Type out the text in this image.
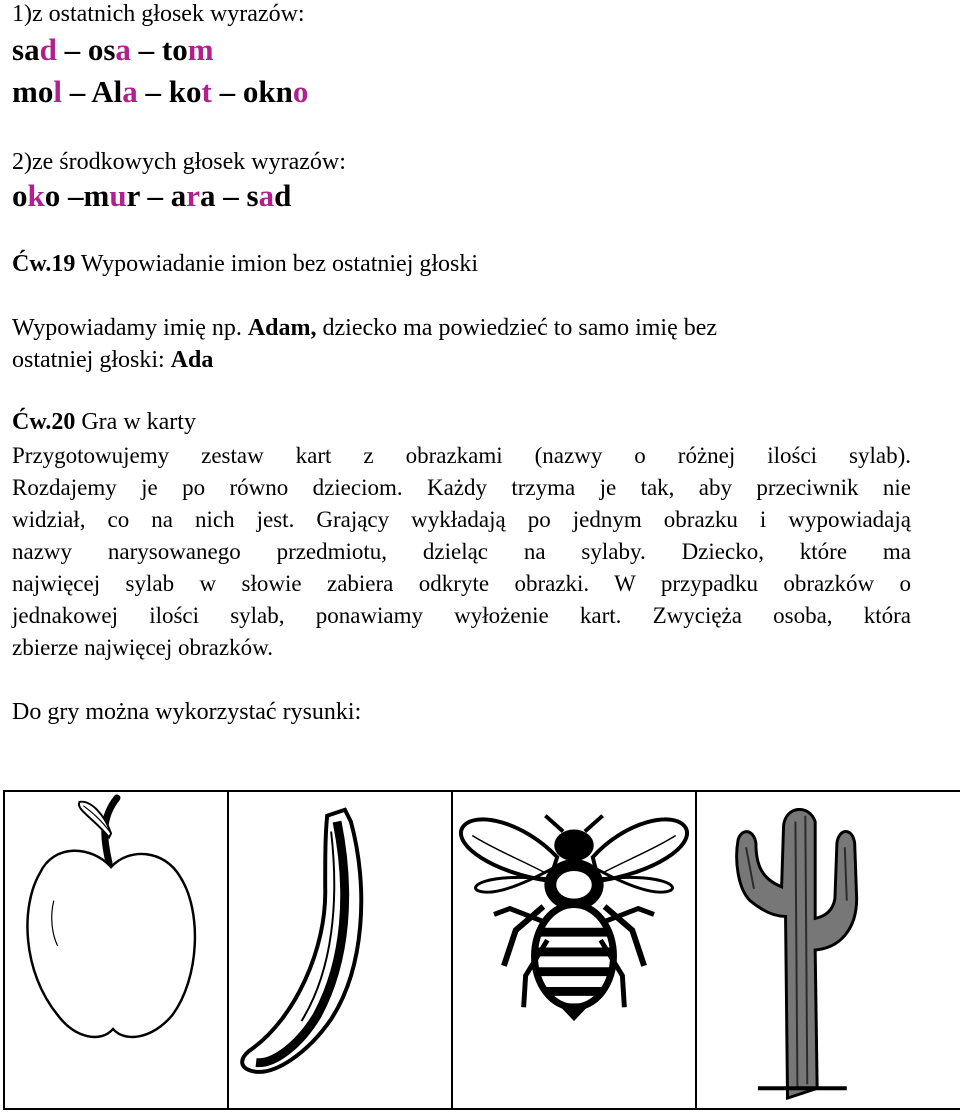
1)z ostatnich głosek wyrazów:
sad – osa – tom
mol – Ala – kot – okno
2)ze środkowych głosek wyrazów:
oko –mur – ara – sad
Ćw.19 Wypowiadanie imion bez ostatniej głoski
Wypowiadamy imię np. Adam, dziecko ma powiedzieć to samo imię bez
ostatniej głoski: Ada
Ćw.20 Gra w karty
Przygotowujemy zestaw kart z obrazkami (nazwy o różnej ilości sylab).
Rozdajemy je po równo dzieciom. Każdy trzyma je tak, aby przeciwnik nie
widział, co na nich jest. Grający wykładają po jednym obrazku i wypowiadają
nazwy narysowanego przedmiotu, dzieląc na sylaby. Dziecko, które ma
najwięcej sylab w słowie zabiera odkryte obrazki. W przypadku obrazków o
jednakowej ilości sylab, ponawiamy wyłożenie kart. Zwycięża osoba, która
zbierze najwięcej obrazków.
Do gry można wykorzystać rysunki:
